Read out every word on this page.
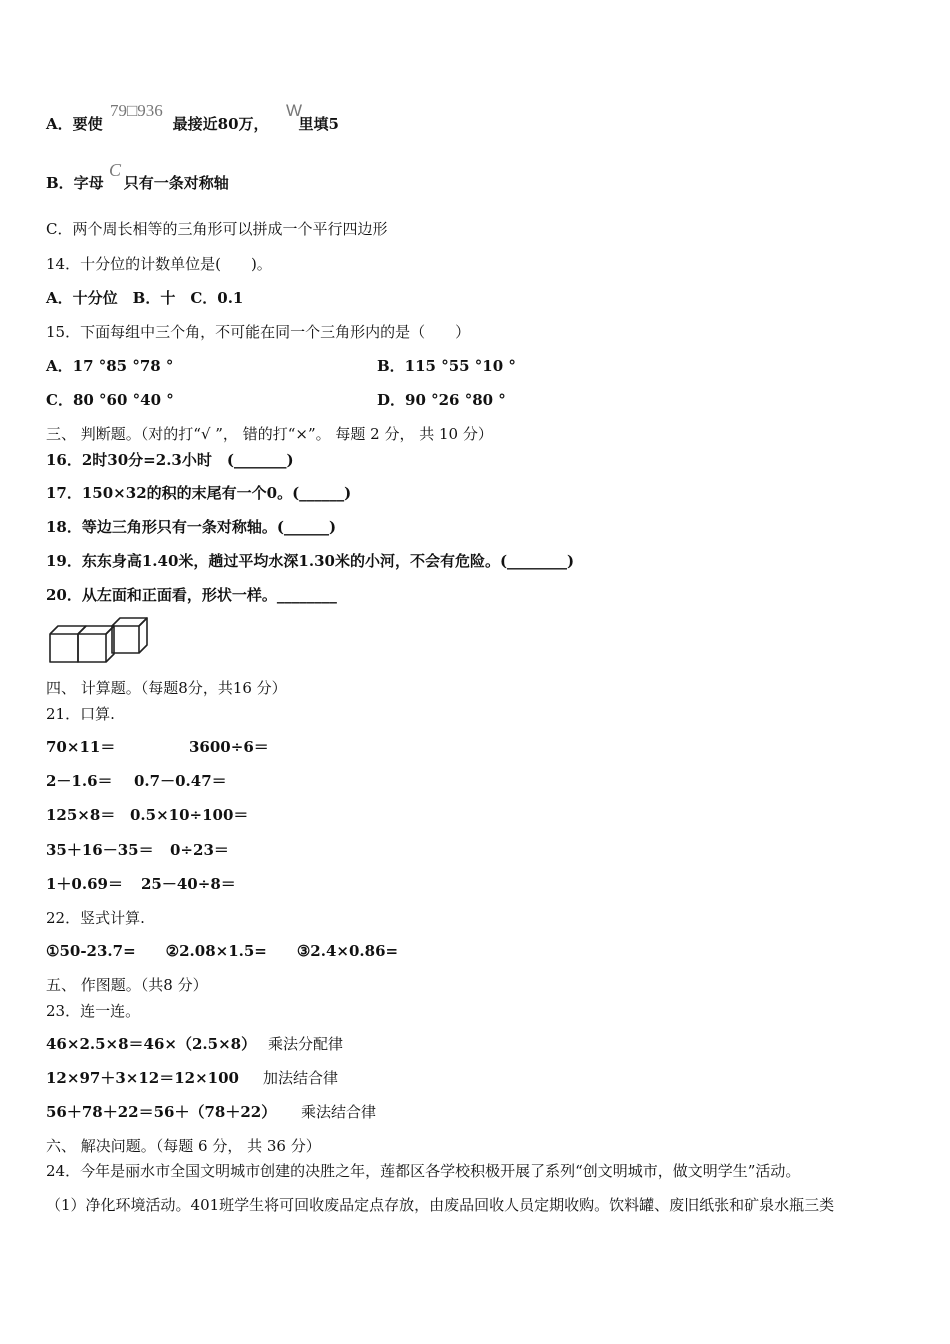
A．要使	最接近80万， 里填5
79□936	W
B．字母 只有一条对称轴
C
C．两个周长相等的三角形可以拼成一个平行四边形
14．十分位的计数单位是(　　)。
A．十分位　B．十　C．0.1
15．下面每组中三个角，不可能在同一个三角形内的是（　　）
A．17 °85 °78 °	B．115 °55 °10 °
C．80 °60 °40 °	D．90 °26 °80 °
三、 判断题。（对的打“√ ”， 错的打“×”。 每题 2 分， 共 10 分）
16．2时30分=2.3小时　(_______)
17．150×32的积的末尾有一个0。(______)
18．等边三角形只有一条对称轴。(______)
19．东东身高1.40米，趟过平均水深1.30米的小河，不会有危险。(________)
20．从左面和正面看，形状一样。________
四、 计算题。（每题8分，共16 分）
21．口算.
70×11＝	3600÷6＝
2－1.6＝ 0.7－0.47＝
125×8＝ 0.5×10÷100＝
35＋16－35＝ 0÷23＝
1＋0.69＝ 25－40÷8＝
22．竖式计算.
①50-23.7=　　②2.08×1.5=　　③2.4×0.86=
五、 作图题。（共8 分）
23．连一连。
46×2.5×8＝46×（2.5×8） 乘法分配律
12×97＋3×12＝12×100 加法结合律
56＋78＋22＝56＋（78＋22） 乘法结合律
六、 解决问题。（每题 6 分， 共 36 分）
24．今年是丽水市全国文明城市创建的决胜之年，莲都区各学校积极开展了系列“创文明城市，做文明学生”活动。
（1）净化环境活动。401班学生将可回收废品定点存放，由废品回收人员定期收购。饮料罐、废旧纸张和矿泉水瓶三类
